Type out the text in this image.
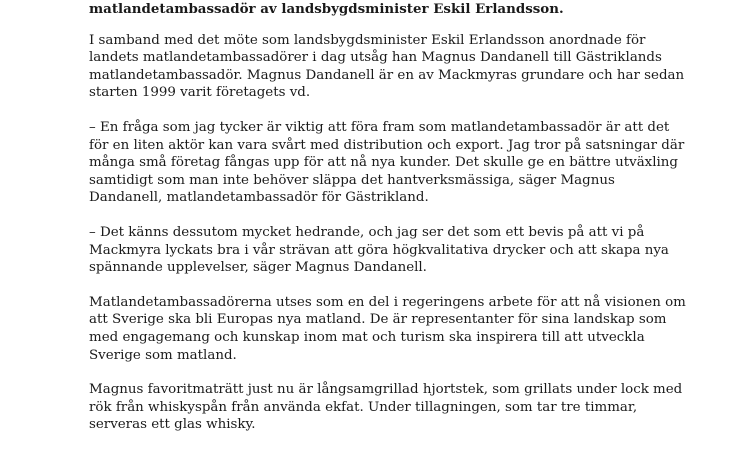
matlandetambassadör av landsbygdsminister Eskil Erlandsson.
I samband med det möte som landsbygdsminister Eskil Erlandsson anordnade för
landets matlandetambassadörer i dag utsåg han Magnus Dandanell till Gästriklands
matlandetambassadör. Magnus Dandanell är en av Mackmyras grundare och har sedan
starten 1999 varit företagets vd.
– En fråga som jag tycker är viktig att föra fram som matlandetambassadör är att det
för en liten aktör kan vara svårt med distribution och export. Jag tror på satsningar där
många små företag fångas upp för att nå nya kunder. Det skulle ge en bättre utväxling
samtidigt som man inte behöver släppa det hantverksmässiga, säger Magnus
Dandanell, matlandetambassadör för Gästrikland.
– Det känns dessutom mycket hedrande, och jag ser det som ett bevis på att vi på
Mackmyra lyckats bra i vår strävan att göra högkvalitativa drycker och att skapa nya
spännande upplevelser, säger Magnus Dandanell.
Matlandetambassadörerna utses som en del i regeringens arbete för att nå visionen om
att Sverige ska bli Europas nya matland. De är representanter för sina landskap som
med engagemang och kunskap inom mat och turism ska inspirera till att utveckla
Sverige som matland.
Magnus favoritmaträtt just nu är långsamgrillad hjortstek, som grillats under lock med
rök från whiskyspån från använda ekfat. Under tillagningen, som tar tre timmar,
serveras ett glas whisky.
